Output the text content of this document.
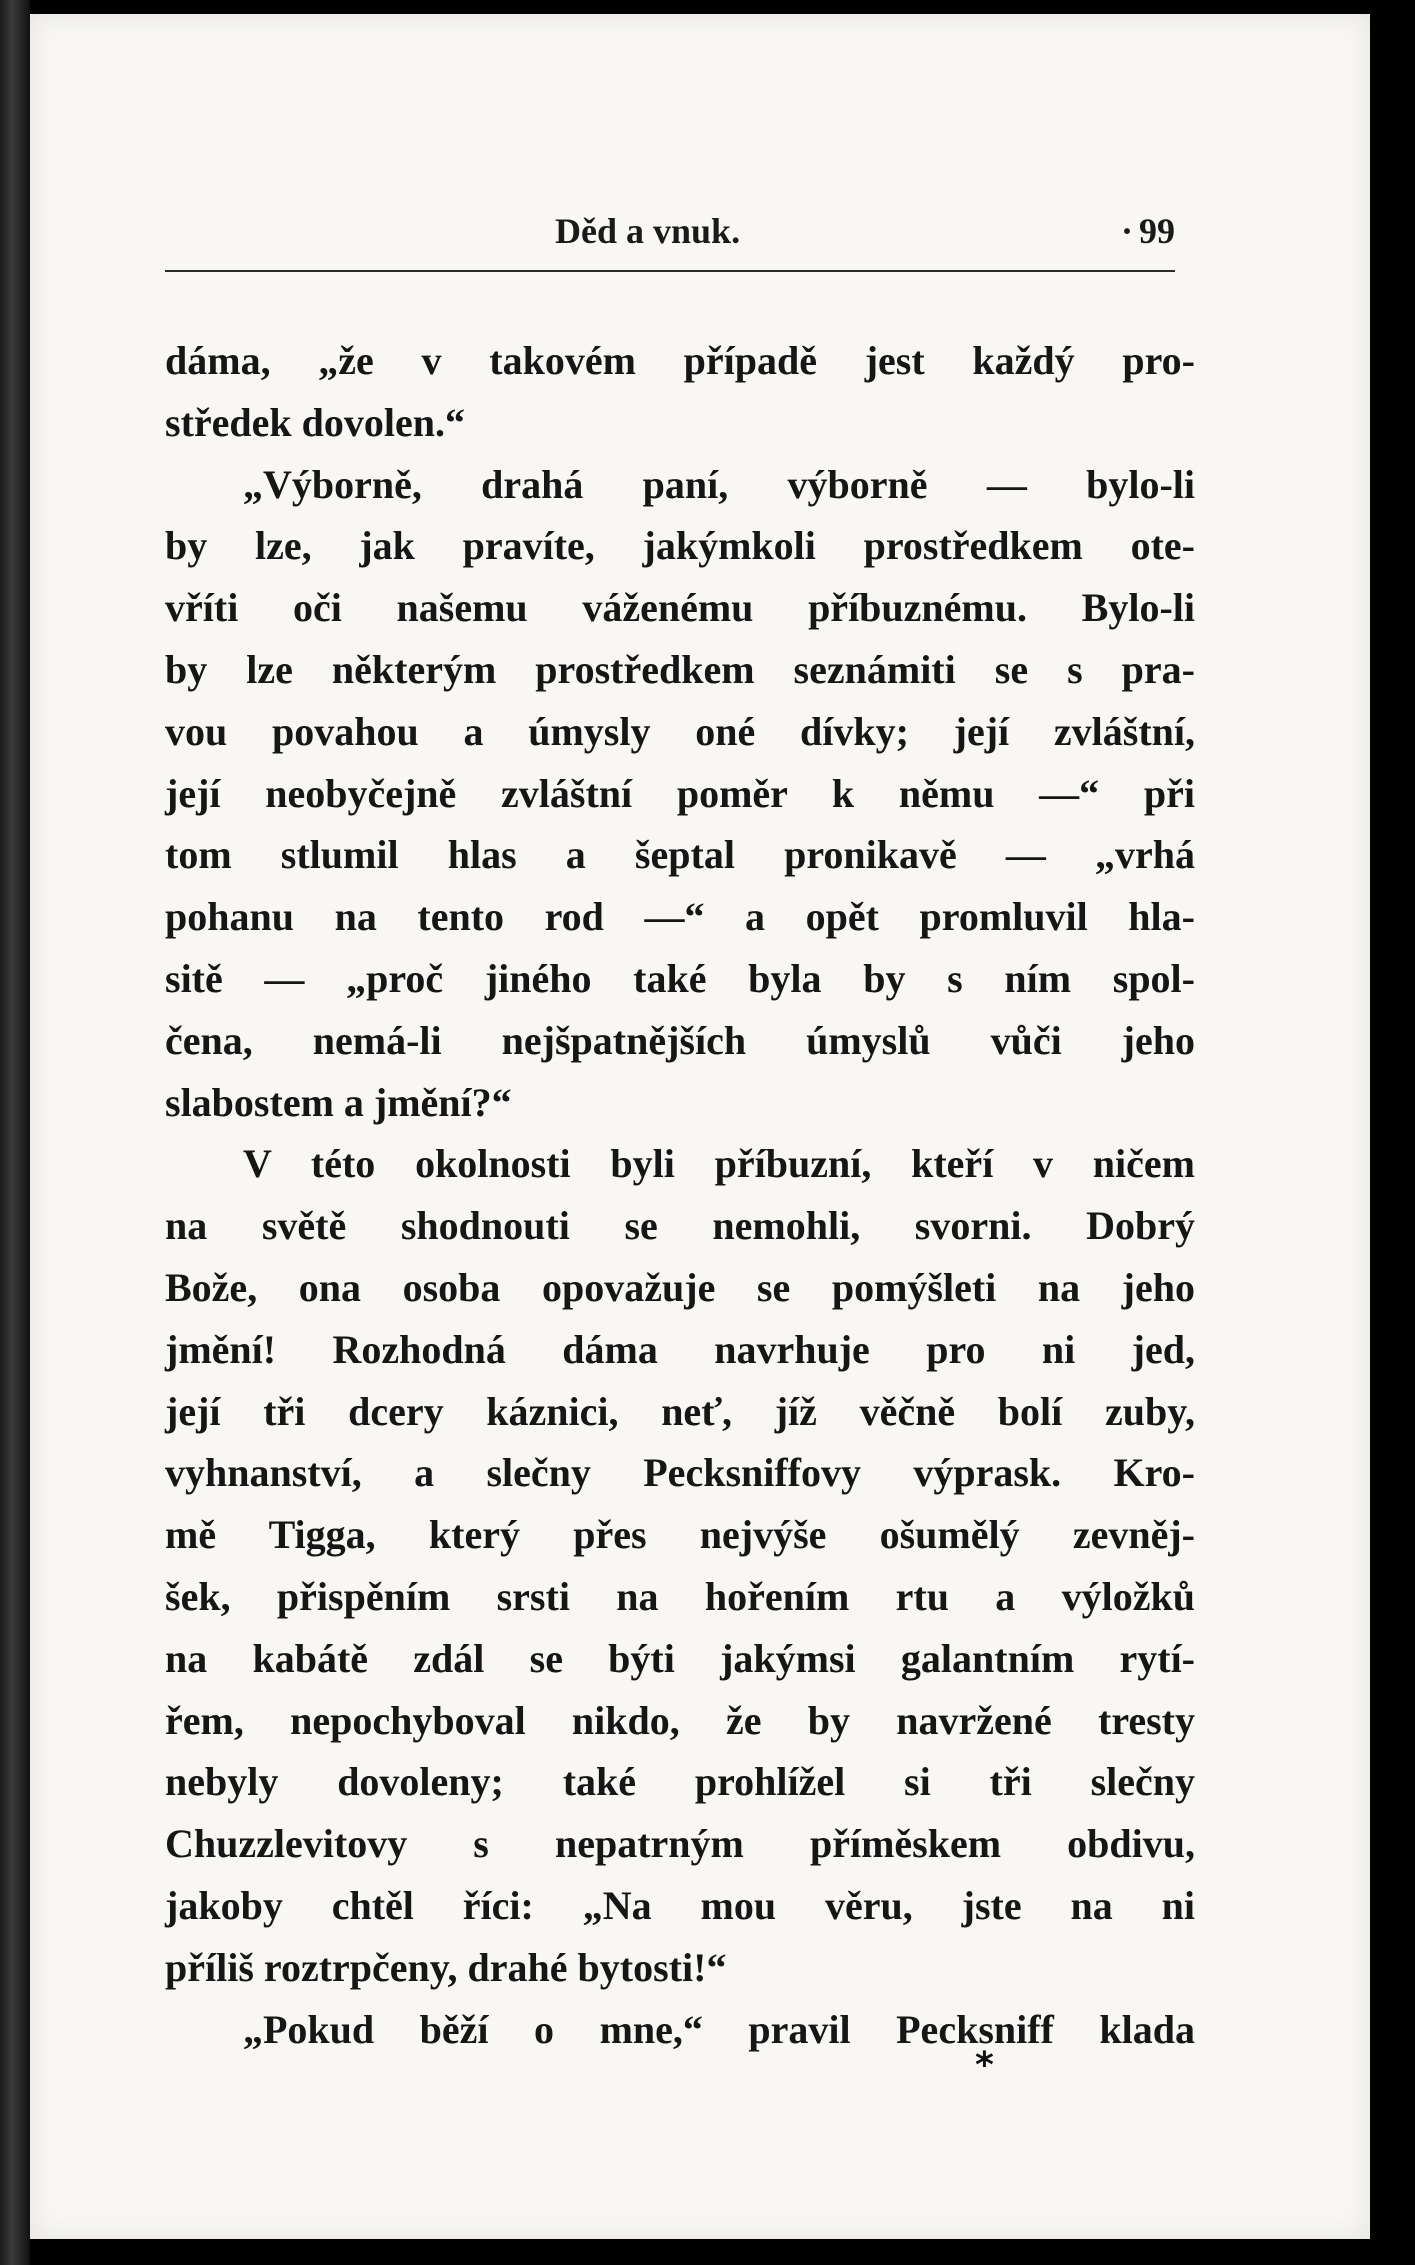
Děd a vnuk.	· 99
dáma, „že v takovém případě jest každý pro-
středek dovolen.“
„Výborně, drahá paní, výborně — bylo-li
by lze, jak pravíte, jakýmkoli prostředkem ote-
vříti oči našemu váženému příbuznému. Bylo-li
by lze některým prostředkem seznámiti se s pra-
vou povahou a úmysly oné dívky; její zvláštní,
její neobyčejně zvláštní poměr k němu —“ při
tom stlumil hlas a šeptal pronikavě — „vrhá
pohanu na tento rod —“ a opět promluvil hla-
sitě — „proč jiného také byla by s ním spol-
čena, nemá-li nejšpatnějších úmyslů vůči jeho
slabostem a jmění?“
V této okolnosti byli příbuzní, kteří v ničem
na světě shodnouti se nemohli, svorni. Dobrý
Bože, ona osoba opovažuje se pomýšleti na jeho
jmění! Rozhodná dáma navrhuje pro ni jed,
její tři dcery káznici, neť, jíž věčně bolí zuby,
vyhnanství, a slečny Pecksniffovy výprask. Kro-
mě Tigga, který přes nejvýše ošumělý zevněj-
šek, přispěním srsti na hořením rtu a výložků
na kabátě zdál se býti jakýmsi galantním rytí-
řem, nepochyboval nikdo, že by navržené tresty
nebyly dovoleny; také prohlížel si tři slečny
Chuzzlevitovy s nepatrným příměskem obdivu,
jakoby chtěl říci: „Na mou věru, jste na ni
příliš roztrpčeny, drahé bytosti!“
„Pokud běží o mne,“ pravil Pecksniff klada
*
